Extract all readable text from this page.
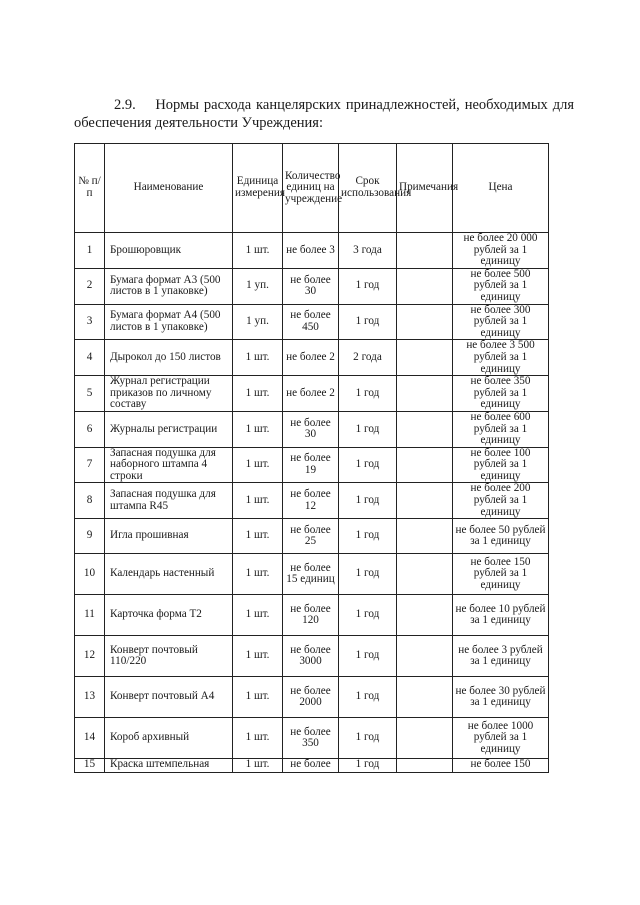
2.9. Нормы расхода канцелярских принадлежностей, необходимых для обеспечения деятельности Учреждения:
№ п/п	Наименование	Единица измерения	Количество единиц на учреждение	Срок использования	Примечания	Цена
1	Брошюровщик	1 шт.	не более 3	3 года		не более 20 000 рублей за 1 единицу
2	Бумага формат А3 (500 листов в 1 упаковке)	1 уп.	не более 30	1 год		не более 500 рублей за 1 единицу
3	Бумага формат А4 (500 листов в 1 упаковке)	1 уп.	не более 450	1 год		не более 300 рублей за 1 единицу
4	Дырокол до 150 листов	1 шт.	не более 2	2 года		не более 3 500 рублей за 1 единицу
5	Журнал регистрации приказов по личному составу	1 шт.	не более 2	1 год		не более 350 рублей за 1 единицу
6	Журналы регистрации	1 шт.	не более 30	1 год		не более 600 рублей за 1 единицу
7	Запасная подушка для наборного штампа 4 строки	1 шт.	не более 19	1 год		не более 100 рублей за 1 единицу
8	Запасная подушка для штампа R45	1 шт.	не более 12	1 год		не более 200 рублей за 1 единицу
9	Игла прошивная	1 шт.	не более 25	1 год		не более 50 рублей за 1 единицу
10	Календарь настенный	1 шт.	не более 15 единиц	1 год		не более 150 рублей за 1 единицу
11	Карточка форма Т2	1 шт.	не более 120	1 год		не более 10 рублей за 1 единицу
12	Конверт почтовый 110/220	1 шт.	не более 3000	1 год		не более 3 рублей за 1 единицу
13	Конверт почтовый А4	1 шт.	не более 2000	1 год		не более 30 рублей за 1 единицу
14	Короб архивный	1 шт.	не более 350	1 год		не более 1000 рублей за 1 единицу
15	Краска штемпельная	1 шт.	не более	1 год		не более 150
